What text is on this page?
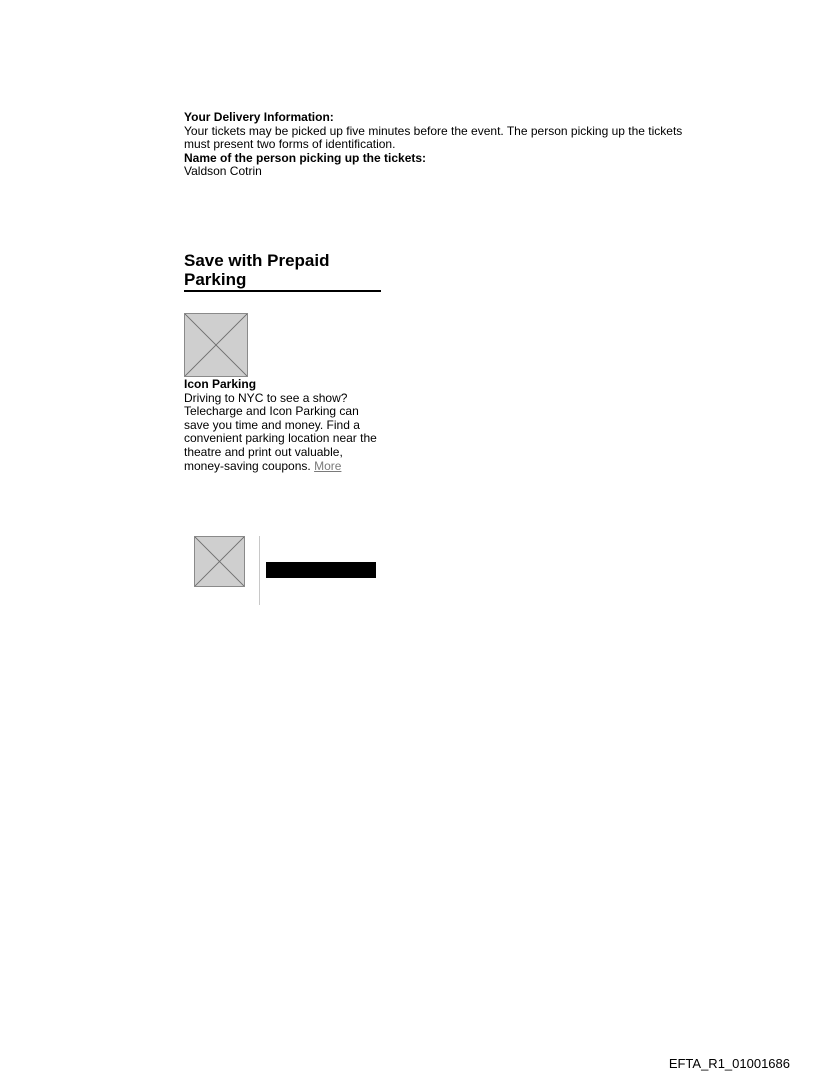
Your Delivery Information:
Your tickets may be picked up five minutes before the event. The person picking up the tickets must present two forms of identification.
Name of the person picking up the tickets:
Valdson Cotrin
Save with Prepaid Parking
Icon Parking
Driving to NYC to see a show? Telecharge and Icon Parking can save you time and money. Find a convenient parking location near the theatre and print out valuable, money-saving coupons. More
EFTA_R1_01001686
